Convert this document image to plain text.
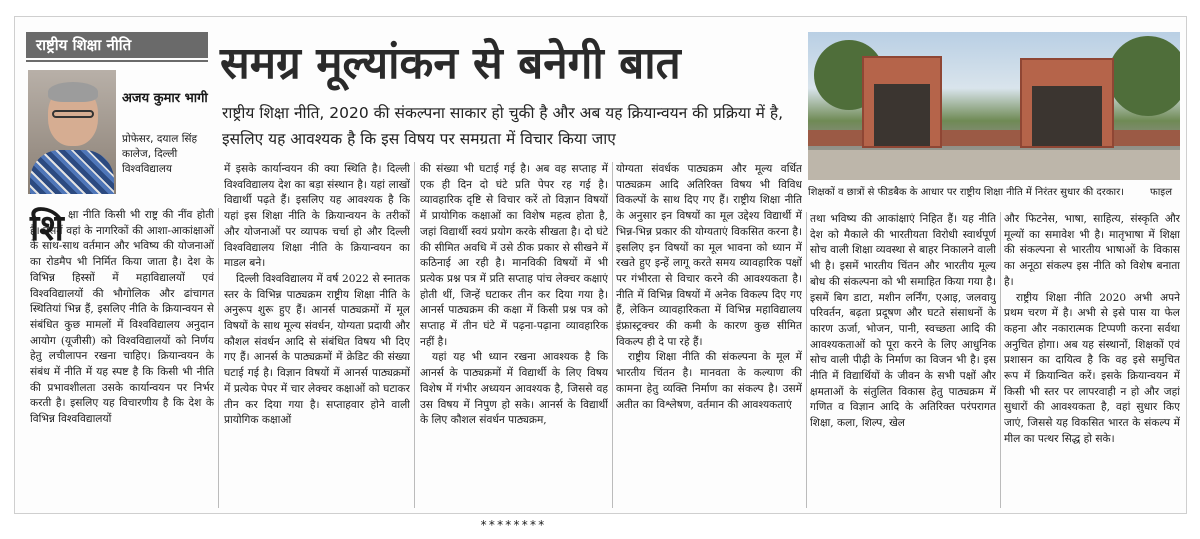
राष्ट्रीय शिक्षा नीति
अजय कुमार भागी
प्रोफेसर, दयाल सिंह कालेज, दिल्ली विश्वविद्यालय
समग्र मूल्यांकन से बनेगी बात
राष्ट्रीय शिक्षा नीति, 2020 की संकल्पना साकार हो चुकी है और अब यह क्रियान्वयन की प्रक्रिया में है, इसलिए यह आवश्यक है कि इस विषय पर समग्रता में विचार किया जाए
शिक्षकों व छात्रों से फीडबैक के आधार पर राष्ट्रीय शिक्षा नीति में निरंतर सुधार की दरकार।	फाइल
शि क्षा नीति किसी भी राष्ट्र की नींव होती है। उसमें वहां के नागरिकों की आशा-आकांक्षाओं के साथ-साथ वर्तमान और भविष्य की योजनाओं का रोडमैप भी निर्मित किया जाता है। देश के विभिन्न हिस्सों में महाविद्यालयों एवं विश्वविद्यालयों की भौगोलिक और ढांचागत स्थितियां भिन्न हैं, इसलिए नीति के क्रियान्वयन से संबंधित कुछ मामलों में विश्वविद्यालय अनुदान आयोग (यूजीसी) को विश्वविद्यालयों को निर्णय हेतु लचीलापन रखना चाहिए। क्रियान्वयन के संबंध में नीति में यह स्पष्ट है कि किसी भी नीति की प्रभावशीलता उसके कार्यान्वयन पर निर्भर करती है। इसलिए यह विचारणीय है कि देश के विभिन्न विश्वविद्यालयों

में इसके कार्यान्वयन की क्या स्थिति है। दिल्ली विश्वविद्यालय देश का बड़ा संस्थान है। यहां लाखों विद्यार्थी पढ़ते हैं। इसलिए यह आवश्यक है कि यहां इस शिक्षा नीति के क्रियान्वयन के तरीकों और योजनाओं पर व्यापक चर्चा हो और दिल्ली विश्वविद्यालय शिक्षा नीति के क्रियान्वयन का माडल बने।

दिल्ली विश्वविद्यालय में वर्ष 2022 से स्नातक स्तर के विभिन्न पाठ्यक्रम राष्ट्रीय शिक्षा नीति के अनुरूप शुरू हुए हैं। आनर्स पाठ्यक्रमों में मूल विषयों के साथ मूल्य संवर्धन, योग्यता प्रदायी और कौशल संवर्धन आदि से संबंधित विषय भी दिए गए हैं। आनर्स के पाठ्यक्रमों में क्रेडिट की संख्या घटाई गई है। विज्ञान विषयों में आनर्स पाठ्यक्रमों में प्रत्येक पेपर में चार लेक्चर कक्षाओं को घटाकर तीन कर दिया गया है। सप्ताहवार होने वाली प्रायोगिक कक्षाओं

की संख्या भी घटाई गई है। अब वह सप्ताह में एक ही दिन दो घंटे प्रति पेपर रह गई है। व्यावहारिक दृष्टि से विचार करें तो विज्ञान विषयों में प्रायोगिक कक्षाओं का विशेष महत्व होता है, जहां विद्यार्थी स्वयं प्रयोग करके सीखता है। दो घंटे की सीमित अवधि में उसे ठीक प्रकार से सीखने में कठिनाई आ रही है। मानविकी विषयों में भी प्रत्येक प्रश्न पत्र में प्रति सप्ताह पांच लेक्चर कक्षाएं होती थीं, जिन्हें घटाकर तीन कर दिया गया है। आनर्स पाठ्यक्रम की कक्षा में किसी प्रश्न पत्र को सप्ताह में तीन घंटे में पढ़ना-पढ़ाना व्यावहारिक नहीं है।

यहां यह भी ध्यान रखना आवश्यक है कि आनर्स के पाठ्यक्रमों में विद्यार्थी के लिए विषय विशेष में गंभीर अध्ययन आवश्यक है, जिससे वह उस विषय में निपुण हो सके। आनर्स के विद्यार्थी के लिए कौशल संवर्धन पाठ्यक्रम,

योग्यता संवर्धक पाठ्यक्रम और मूल्य वर्धित पाठ्यक्रम आदि अतिरिक्त विषय भी विविध विकल्पों के साथ दिए गए हैं। राष्ट्रीय शिक्षा नीति के अनुसार इन विषयों का मूल उद्देश्य विद्यार्थी में भिन्न-भिन्न प्रकार की योग्यताएं विकसित करना है। इसलिए इन विषयों का मूल भावना को ध्यान में रखते हुए इन्हें लागू करते समय व्यावहारिक पक्षों पर गंभीरता से विचार करने की आवश्यकता है। नीति में विभिन्न विषयों में अनेक विकल्प दिए गए हैं, लेकिन व्यावहारिकता में विभिन्न महाविद्यालय इंफ्रास्ट्रक्चर की कमी के कारण कुछ सीमित विकल्प ही दे पा रहे हैं।

राष्ट्रीय शिक्षा नीति की संकल्पना के मूल में भारतीय चिंतन है। मानवता के कल्याण की कामना हेतु व्यक्ति निर्माण का संकल्प है। उसमें अतीत का विश्लेषण, वर्तमान की आवश्यकताएं

तथा भविष्य की आकांक्षाएं निहित हैं। यह नीति देश को मैकाले की भारतीयता विरोधी स्वार्थपूर्ण सोच वाली शिक्षा व्यवस्था से बाहर निकालने वाली भी है। इसमें भारतीय चिंतन और भारतीय मूल्य बोध की संकल्पना को भी समाहित किया गया है। इसमें बिग डाटा, मशीन लर्निंग, एआइ, जलवायु परिवर्तन, बढ़ता प्रदूषण और घटते संसाधनों के कारण ऊर्जा, भोजन, पानी, स्वच्छता आदि की आवश्यकताओं को पूरा करने के लिए आधुनिक सोच वाली पीढ़ी के निर्माण का विजन भी है। इस नीति में विद्यार्थियों के जीवन के सभी पक्षों और क्षमताओं के संतुलित विकास हेतु पाठ्यक्रम में गणित व विज्ञान आदि के अतिरिक्त परंपरागत शिक्षा, कला, शिल्प, खेल

और फिटनेस, भाषा, साहित्य, संस्कृति और मूल्यों का समावेश भी है। मातृभाषा में शिक्षा की संकल्पना से भारतीय भाषाओं के विकास का अनूठा संकल्प इस नीति को विशेष बनाता है।

राष्ट्रीय शिक्षा नीति 2020 अभी अपने प्रथम चरण में है। अभी से इसे पास या फेल कहना और नकारात्मक टिप्पणी करना सर्वथा अनुचित होगा। अब यह संस्थानों, शिक्षकों एवं प्रशासन का दायित्व है कि वह इसे समुचित रूप में क्रियान्वित करें। इसके क्रियान्वयन में किसी भी स्तर पर लापरवाही न हो और जहां सुधारों की आवश्यकता है, वहां सुधार किए जाएं, जिससे यह विकसित भारत के संकल्प में मील का पत्थर सिद्ध हो सके।

********
